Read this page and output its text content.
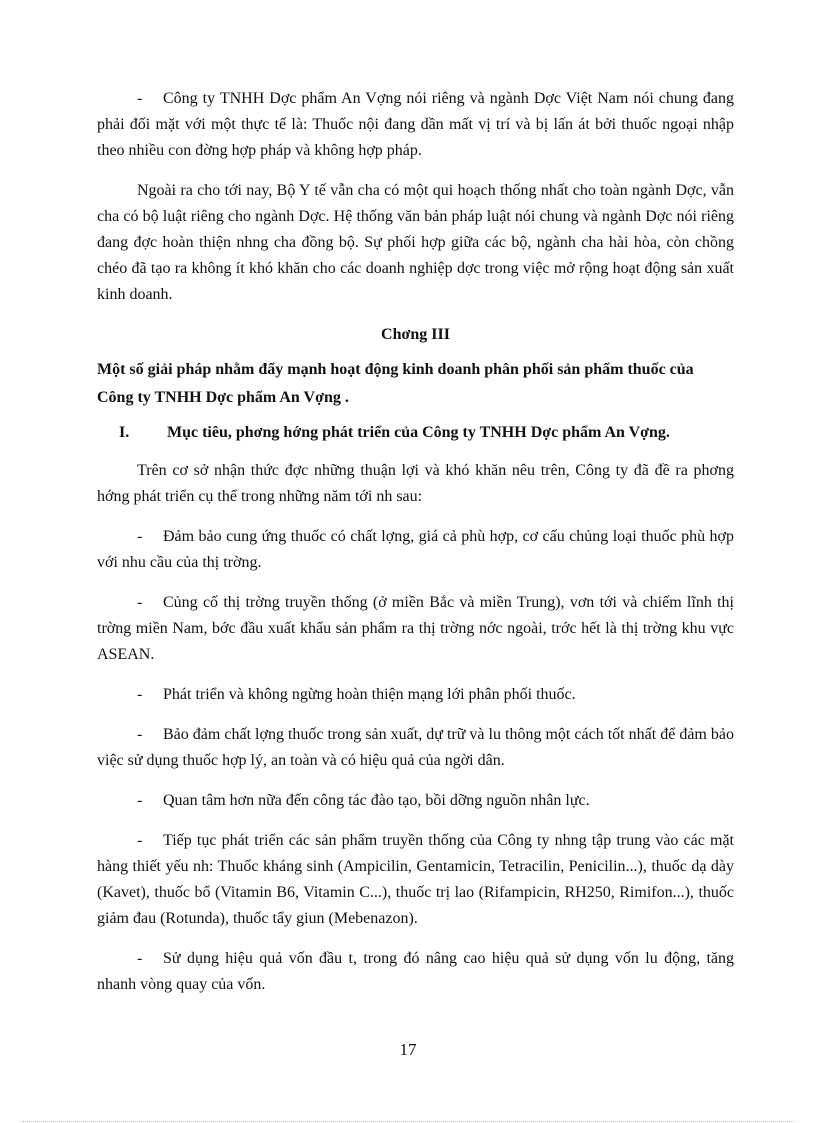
- Công ty TNHH Dợc phẩm An Vợng nói riêng và ngành Dợc Việt Nam nói chung đang phải đối mặt với một thực tế là: Thuốc nội đang dần mất vị trí và bị lấn át bởi thuốc ngoại nhập theo nhiều con đờng hợp pháp và không hợp pháp.

Ngoài ra cho tới nay, Bộ Y tế vẫn cha có một qui hoạch thống nhất cho toàn ngành Dợc, vẫn cha có bộ luật riêng cho ngành Dợc. Hệ thống văn bản pháp luật nói chung và ngành Dợc nói riêng đang đợc hoàn thiện nhng cha đồng bộ. Sự phối hợp giữa các bộ, ngành cha hài hòa, còn chồng chéo đã tạo ra không ít khó khăn cho các doanh nghiệp dợc trong việc mở rộng hoạt động sản xuất kinh doanh.

Chơng III
Một số giải pháp nhằm đẩy mạnh hoạt động kinh doanh phân phối sản phẩm thuốc của Công ty TNHH Dợc phẩm An Vợng .
I.	Mục tiêu, phơng hớng phát triển của Công ty TNHH Dợc phẩm An Vợng.

Trên cơ sở nhận thức đợc những thuận lợi và khó khăn nêu trên, Công ty đã đề ra phơng hớng phát triển cụ thể trong những năm tới nh sau:

- Đảm bảo cung ứng thuốc có chất lợng, giá cả phù hợp, cơ cấu chủng loại thuốc phù hợp với nhu cầu của thị trờng.

- Củng cố thị trờng truyền thống (ở miền Bắc và miền Trung), vơn tới và chiếm lĩnh thị trờng miền Nam, bớc đầu xuất khẩu sản phẩm ra thị trờng nớc ngoài, trớc hết là thị trờng khu vực ASEAN.

- Phát triển và không ngừng hoàn thiện mạng lới phân phối thuốc.

- Bảo đảm chất lợng thuốc trong sản xuất, dự trữ và lu thông một cách tốt nhất để đảm bảo việc sử dụng thuốc hợp lý, an toàn và có hiệu quả của ngời dân.

- Quan tâm hơn nữa đến công tác đào tạo, bồi dỡng nguồn nhân lực.

- Tiếp tục phát triển các sản phẩm truyền thống của Công ty nhng tập trung vào các mặt hàng thiết yếu nh: Thuốc kháng sinh (Ampicilin, Gentamicin, Tetracilin, Penicilin...), thuốc dạ dày (Kavet), thuốc bổ (Vitamin B6, Vitamin C...), thuốc trị lao (Rifampicin, RH250, Rimifon...), thuốc giảm đau (Rotunda), thuốc tẩy giun (Mebenazon).

- Sử dụng hiệu quả vốn đầu t, trong đó nâng cao hiệu quả sử dụng vốn lu động, tăng nhanh vòng quay của vốn.

17
